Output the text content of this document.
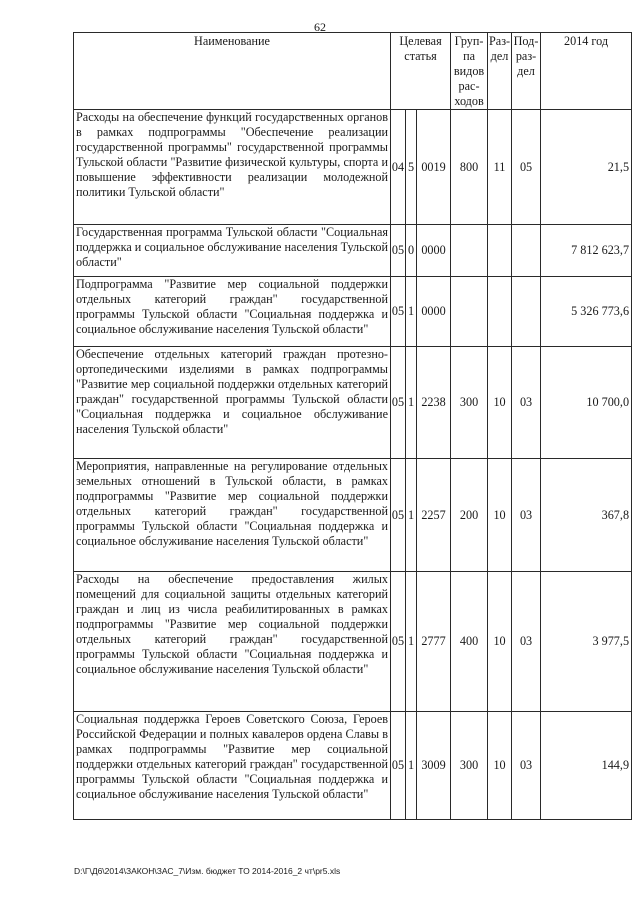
62
Наименование	Целевая статья			Груп-па видов рас-ходов	Раз-дел	Под-раз-дел	2014 год

Расходы на обеспечение функций государственных органов в рамках подпрограммы "Обеспечение реализации государственной программы" государственной программы Тульской области "Развитие физической культуры, спорта и повышение эффективности реализации молодежной политики Тульской области"	04	5	0019	800	11	05	21,5

Государственная программа Тульской области "Социальная поддержка и социальное обслуживание населения Тульской области"	05	0	0000				7 812 623,7

Подпрограмма "Развитие мер социальной поддержки отдельных категорий граждан" государственной программы Тульской области "Социальная поддержка и социальное обслуживание населения Тульской области"	05	1	0000				5 326 773,6

Обеспечение отдельных категорий граждан протезно-ортопедическими изделиями в рамках подпрограммы "Развитие мер социальной поддержки отдельных категорий граждан" государственной программы Тульской области "Социальная поддержка и социальное обслуживание населения Тульской области"	05	1	2238	300	10	03	10 700,0

Мероприятия, направленные на регулирование отдельных земельных отношений в Тульской области, в рамках подпрограммы "Развитие мер социальной поддержки отдельных категорий граждан" государственной программы Тульской области "Социальная поддержка и социальное обслуживание населения Тульской области"	05	1	2257	200	10	03	367,8

Расходы на обеспечение предоставления жилых помещений для социальной защиты отдельных категорий граждан и лиц из числа реабилитированных в рамках подпрограммы "Развитие мер социальной поддержки отдельных категорий граждан" государственной программы Тульской области "Социальная поддержка и социальное обслуживание населения Тульской области"	05	1	2777	400	10	03	3 977,5

Социальная поддержка Героев Советского Союза, Героев Российской Федерации и полных кавалеров ордена Славы в рамках подпрограммы "Развитие мер социальной поддержки отдельных категорий граждан" государственной программы Тульской области "Социальная поддержка и социальное обслуживание населения Тульской области"	05	1	3009	300	10	03	144,9
D:\Г\Д6\2014\ЗАКОН\ЗАС_7\Изм. бюджет ТО 2014-2016_2 чт\pr5.xls
